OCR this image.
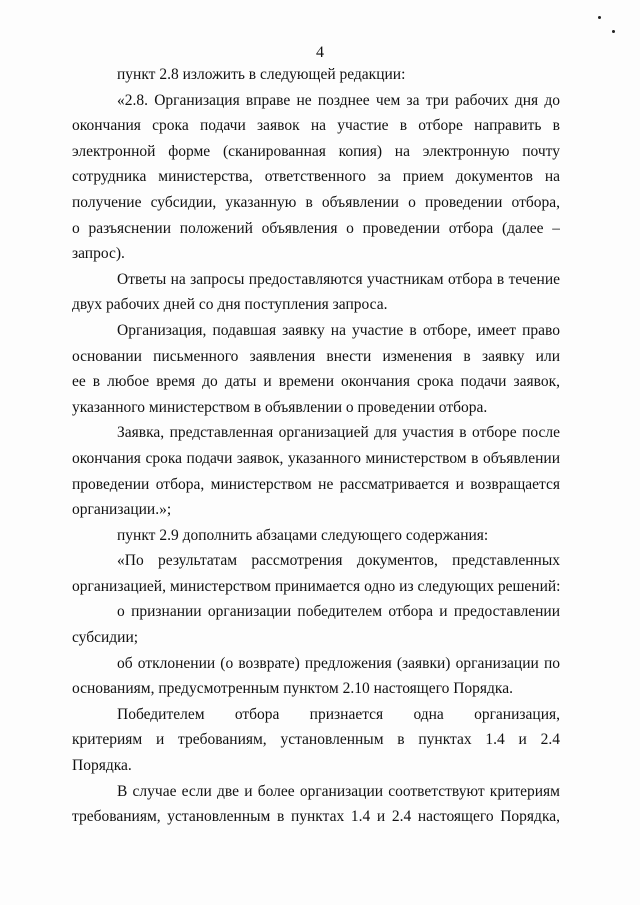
4
пункт 2.8 изложить в следующей редакции:
«2.8. Организация вправе не позднее чем за три рабочих дня до
окончания срока подачи заявок на участие в отборе направить в
электронной форме (сканированная копия) на электронную почту
сотрудника министерства, ответственного за прием документов на
получение субсидии, указанную в объявлении о проведении отбора,
о разъяснении положений объявления о проведении отбора (далее –
запрос).
Ответы на запросы предоставляются участникам отбора в течение
двух рабочих дней со дня поступления запроса.
Организация, подавшая заявку на участие в отборе, имеет право
основании письменного заявления внести изменения в заявку или
ее в любое время до даты и времени окончания срока подачи заявок,
указанного министерством в объявлении о проведении отбора.
Заявка, представленная организацией для участия в отборе после
окончания срока подачи заявок, указанного министерством в объявлении
проведении отбора, министерством не рассматривается и возвращается
организации.»;
пункт 2.9 дополнить абзацами следующего содержания:
«По результатам рассмотрения документов, представленных
организацией, министерством принимается одно из следующих решений:
о признании организации победителем отбора и предоставлении
субсидии;
об отклонении (о возврате) предложения (заявки) организации по
основаниям, предусмотренным пунктом 2.10 настоящего Порядка.
Победителем отбора признается одна организация,
критериям и требованиям, установленным в пунктах 1.4 и 2.4
Порядка.
В случае если две и более организации соответствуют критериям
требованиям, установленным в пунктах 1.4 и 2.4 настоящего Порядка,
